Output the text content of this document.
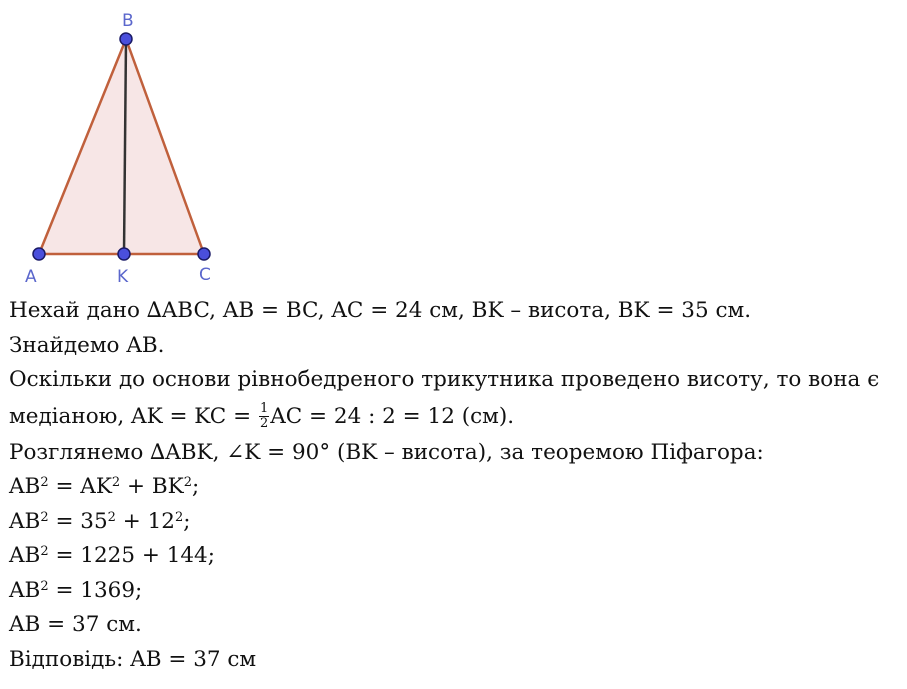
B
A	K	C
Нехай дано ∆ABC, AB = BC, AC = 24 см, BK – висота, BK = 35 см.
Знайдемо AB.
Оскільки до основи рівнобедреного трикутника проведено висоту, то вона є
медіаною, AK = KC = $\frac{1}{2}$ AC = 24 : 2 = 12 (см).
Розглянемо ∆ABK, ∠K = 90° (BK – висота), за теоремою Піфагора:
$AB^2 = AK^2 + BK^2$;
$AB^2 = 35^2 + 12^2$;
$AB^2 = 1225 + 144$;
$AB^2 = 1369$;
AB = 37 см.
Відповідь: AB = 37 см
